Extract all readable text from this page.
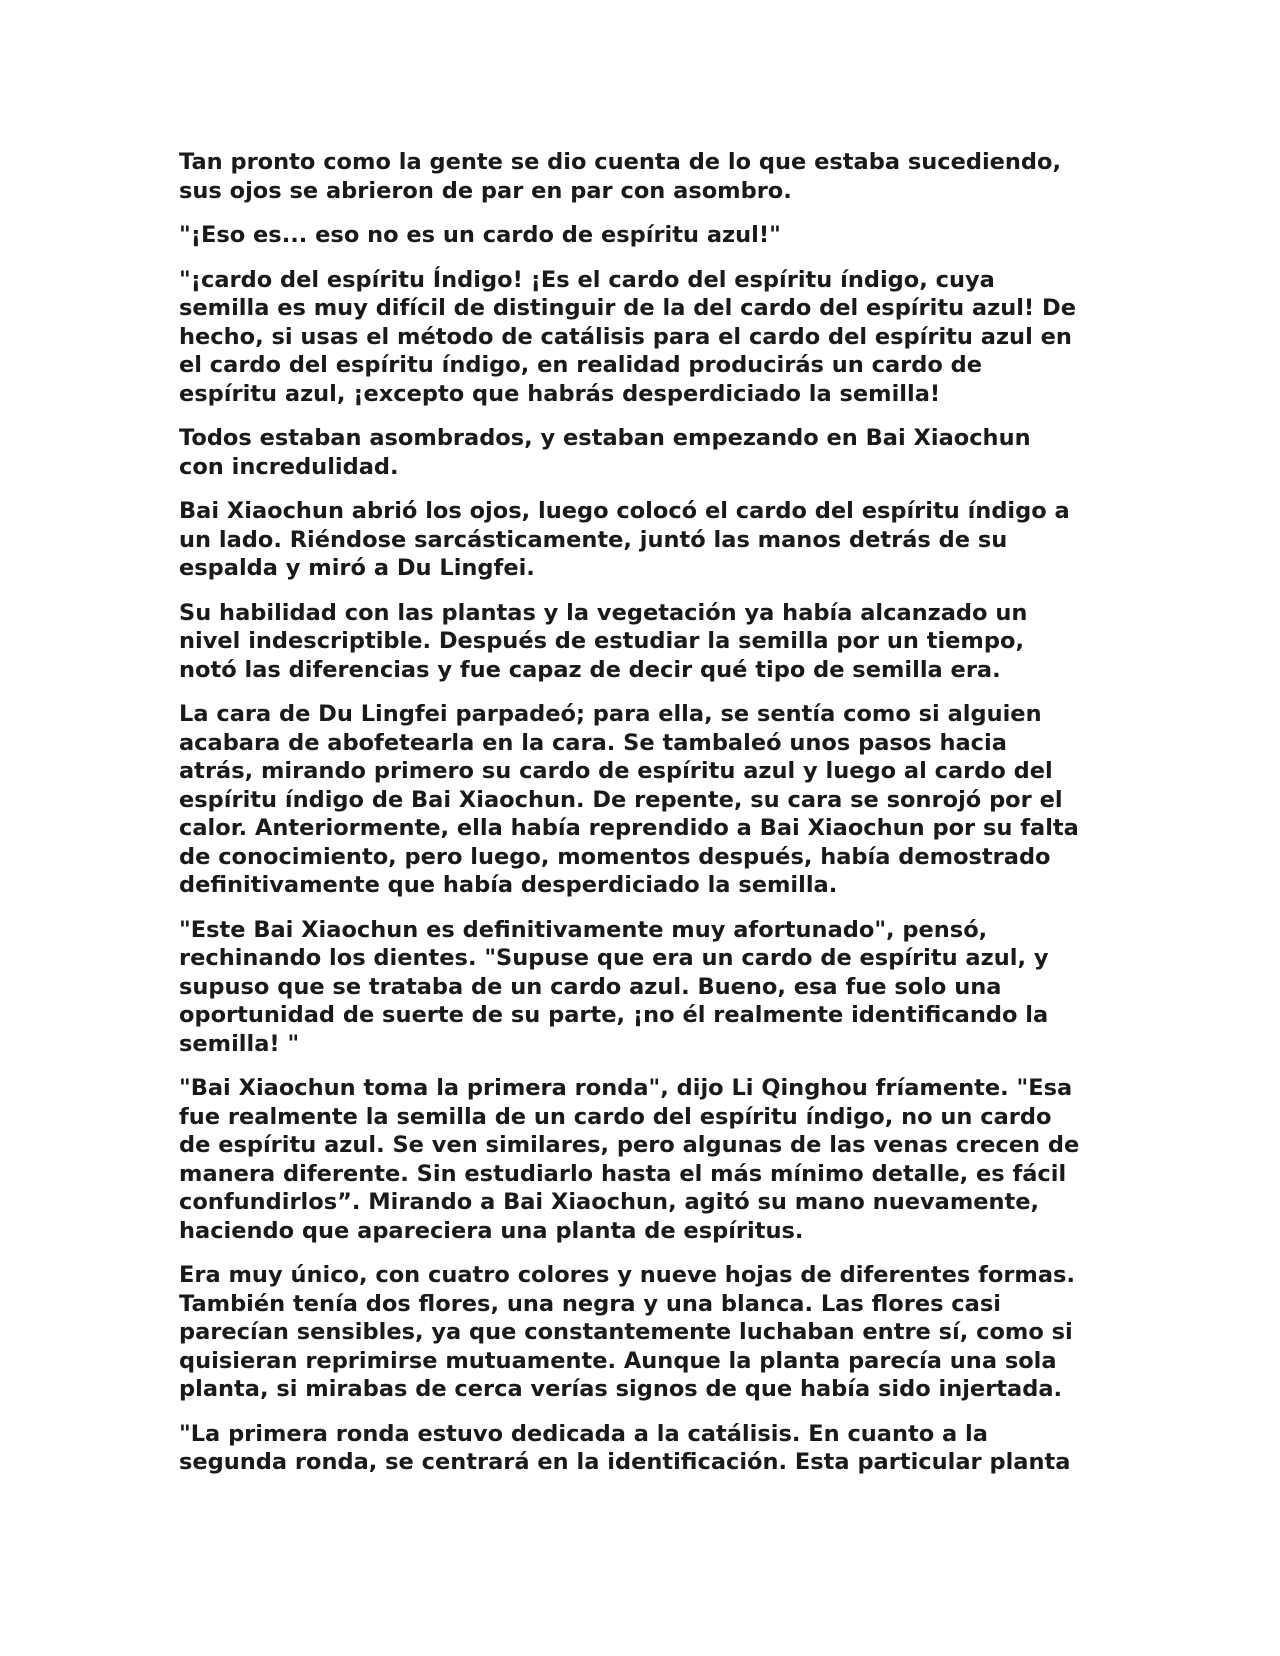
Tan pronto como la gente se dio cuenta de lo que estaba sucediendo,
sus ojos se abrieron de par en par con asombro.

"¡Eso es... eso no es un cardo de espíritu azul!"

"¡cardo del espíritu Índigo! ¡Es el cardo del espíritu índigo, cuya
semilla es muy difícil de distinguir de la del cardo del espíritu azul! De
hecho, si usas el método de catálisis para el cardo del espíritu azul en
el cardo del espíritu índigo, en realidad producirás un cardo de
espíritu azul, ¡excepto que habrás desperdiciado la semilla!

Todos estaban asombrados, y estaban empezando en Bai Xiaochun
con incredulidad.

Bai Xiaochun abrió los ojos, luego colocó el cardo del espíritu índigo a
un lado. Riéndose sarcásticamente, juntó las manos detrás de su
espalda y miró a Du Lingfei.

Su habilidad con las plantas y la vegetación ya había alcanzado un
nivel indescriptible. Después de estudiar la semilla por un tiempo,
notó las diferencias y fue capaz de decir qué tipo de semilla era.

La cara de Du Lingfei parpadeó; para ella, se sentía como si alguien
acabara de abofetearla en la cara. Se tambaleó unos pasos hacia
atrás, mirando primero su cardo de espíritu azul y luego al cardo del
espíritu índigo de Bai Xiaochun. De repente, su cara se sonrojó por el
calor. Anteriormente, ella había reprendido a Bai Xiaochun por su falta
de conocimiento, pero luego, momentos después, había demostrado
definitivamente que había desperdiciado la semilla.

"Este Bai Xiaochun es definitivamente muy afortunado", pensó,
rechinando los dientes. "Supuse que era un cardo de espíritu azul, y
supuso que se trataba de un cardo azul. Bueno, esa fue solo una
oportunidad de suerte de su parte, ¡no él realmente identificando la
semilla! "

"Bai Xiaochun toma la primera ronda", dijo Li Qinghou fríamente. "Esa
fue realmente la semilla de un cardo del espíritu índigo, no un cardo
de espíritu azul. Se ven similares, pero algunas de las venas crecen de
manera diferente. Sin estudiarlo hasta el más mínimo detalle, es fácil
confundirlos”. Mirando a Bai Xiaochun, agitó su mano nuevamente,
haciendo que apareciera una planta de espíritus.

Era muy único, con cuatro colores y nueve hojas de diferentes formas.
También tenía dos flores, una negra y una blanca. Las flores casi
parecían sensibles, ya que constantemente luchaban entre sí, como si
quisieran reprimirse mutuamente. Aunque la planta parecía una sola
planta, si mirabas de cerca verías signos de que había sido injertada.

"La primera ronda estuvo dedicada a la catálisis. En cuanto a la
segunda ronda, se centrará en la identificación. Esta particular planta
